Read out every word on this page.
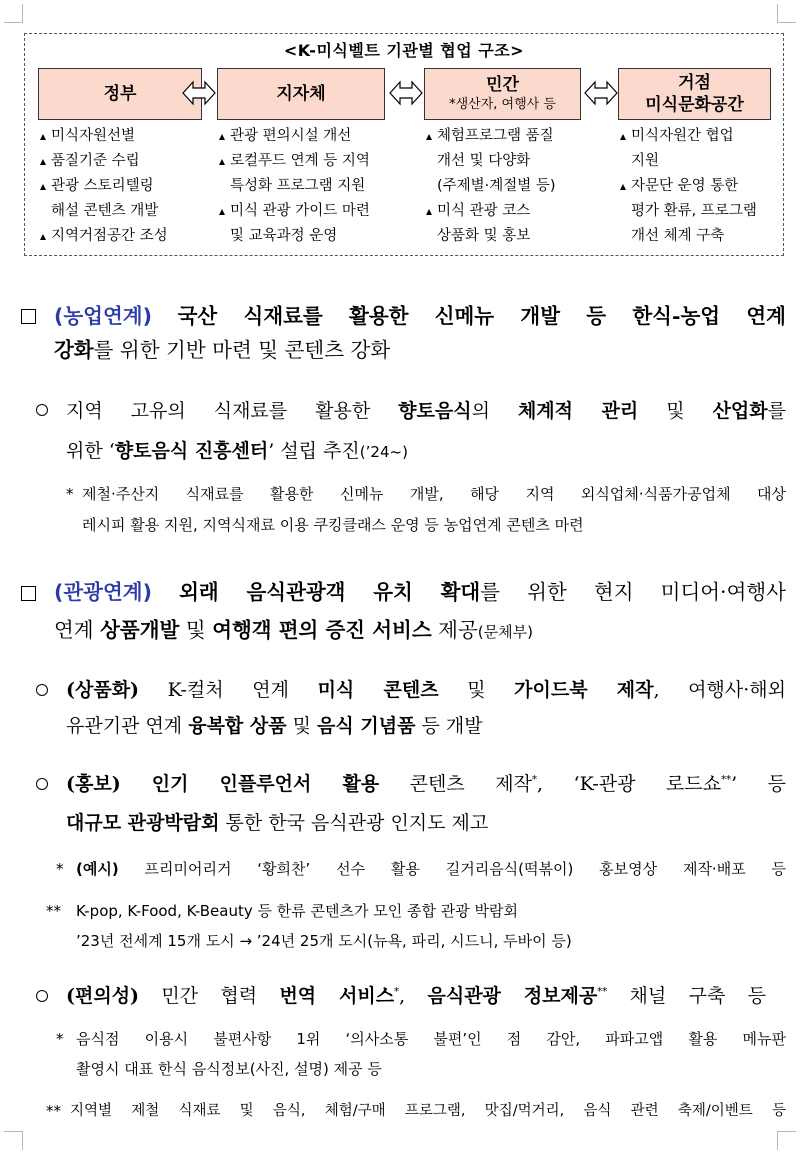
<K-미식벨트 기관별 협업 구조>
정부	지자체	민간
*생산자, 여행사 등
거점
미식문화공간
미식자원선별
품질기준 수립
관광 스토리텔링
해설 콘텐츠 개발
지역거점공간 조성
관광 편의시설 개선
로컬푸드 연계 등 지역
특성화 프로그램 지원
미식 관광 가이드 마련
및 교육과정 운영
체험프로그램 품질
개선 및 다양화
(주제별·계절별 등)
미식 관광 코스
상품화 및 홍보
미식자원간 협업
지원
자문단 운영 통한
평가 환류, 프로그램
개선 체계 구축
(농업연계) 국산 식재료를 활용한 신메뉴 개발 등 한식-농업 연계
강화를 위한 기반 마련 및 콘텐츠 강화
지역 고유의 식재료를 활용한 향토음식의 체계적 관리 및 산업화를
위한 ‘향토음식 진흥센터’ 설립 추진(’24~)
* 제철·주산지 식재료를 활용한 신메뉴 개발, 해당 지역 외식업체·식품가공업체 대상
레시피 활용 지원, 지역식재료 이용 쿠킹클래스 운영 등 농업연계 콘텐츠 마련
(관광연계) 외래 음식관광객 유치 확대를 위한 현지 미디어·여행사
연계 상품개발 및 여행객 편의 증진 서비스 제공(문체부)
(상품화) K-컬처 연계 미식 콘텐츠 및 가이드북 제작, 여행사·해외
유관기관 연계 융복합 상품 및 음식 기념품 등 개발
(홍보) 인기 인플루언서 활용 콘텐츠 제작*, ‘K-관광 로드쇼**’ 등
대규모 관광박람회 통한 한국 음식관광 인지도 제고
* (예시) 프리미어리거 ‘황희찬’ 선수 활용 길거리음식(떡볶이) 홍보영상 제작·배포 등
** K-pop, K-Food, K-Beauty 등 한류 콘텐츠가 모인 종합 관광 박람회
’23년 전세계 15개 도시 → ’24년 25개 도시(뉴욕, 파리, 시드니, 두바이 등)
(편의성) 민간 협력 번역 서비스*, 음식관광 정보제공** 채널 구축 등
* 음식점 이용시 불편사항 1위 ‘의사소통 불편’인 점 감안, 파파고앱 활용 메뉴판
촬영시 대표 한식 음식정보(사진, 설명) 제공 등
** 지역별 제철 식재료 및 음식, 체험/구매 프로그램, 맛집/먹거리, 음식 관련 축제/이벤트 등
